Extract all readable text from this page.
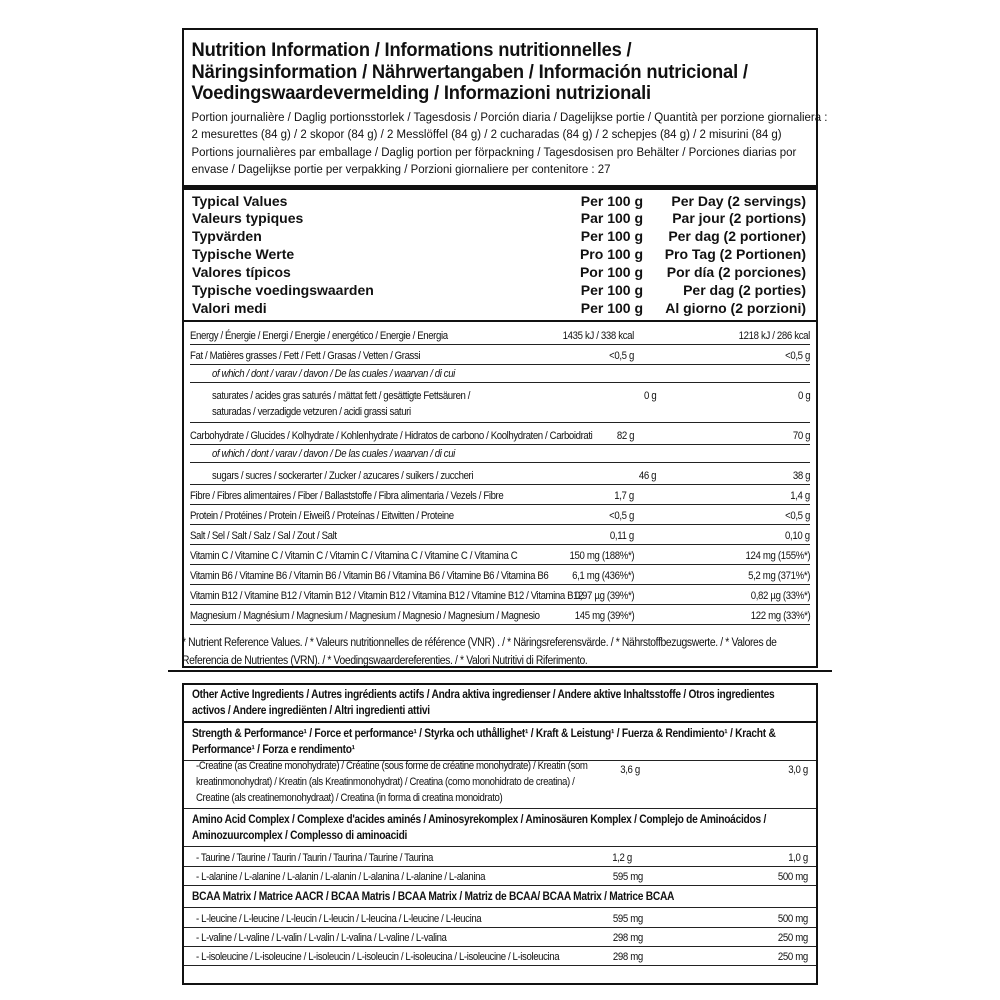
Nutrition Information / Informations nutritionnelles /
Näringsinformation / Nährwertangaben / Información nutricional /
Voedingswaardevermelding / Informazioni nutrizionali
Portion journalière / Daglig portionsstorlek / Tagesdosis / Porción diaria / Dagelijkse portie / Quantità per porzione giornaliera :
2 mesurettes (84 g) / 2 skopor (84 g) / 2 Messlöffel (84 g) / 2 cucharadas (84 g) / 2 schepjes (84 g) / 2 misurini (84 g)
Portions journalières par emballage / Daglig portion per förpackning / Tagesdosisen pro Behälter / Porciones diarias por
envase / Dagelijkse portie per verpakking / Porzioni giornaliere per contenitore : 27
Typical Values	Per 100 g	Per Day (2 servings)
Valeurs typiques	Par 100 g	Par jour (2 portions)
Typvärden	Per 100 g	Per dag (2 portioner)
Typische Werte	Pro 100 g	Pro Tag (2 Portionen)
Valores típicos	Por 100 g	Por día (2 porciones)
Typische voedingswaarden	Per 100 g	Per dag (2 porties)
Valori medi	Per 100 g	Al giorno (2 porzioni)
Energy / Énergie / Energi / Energie / energético / Energie / Energia	1435 kJ / 338 kcal	1218 kJ / 286 kcal
Fat / Matières grasses / Fett / Fett / Grasas / Vetten / Grassi	<0,5 g	<0,5 g
of which / dont / varav / davon / De las cuales / waarvan / di cui
saturates / acides gras saturés / mättat fett / gesättigte Fettsäuren /
saturadas / verzadigde vetzuren / acidi grassi saturi
0 g	0 g
Carbohydrate / Glucides / Kolhydrate / Kohlenhydrate / Hidratos de carbono / Koolhydraten / Carboidrati	82 g	70 g
of which / dont / varav / davon / De las cuales / waarvan / di cui
sugars / sucres / sockerarter / Zucker / azucares / suikers / zuccheri	46 g	38 g
Fibre / Fibres alimentaires / Fiber / Ballaststoffe / Fibra alimentaria / Vezels / Fibre	1,7 g	1,4 g
Protein / Protéines / Protein / Eiweiß / Proteínas / Eitwitten / Proteine	<0,5 g	<0,5 g
Salt / Sel / Salt / Salz / Sal / Zout / Salt	0,11 g	0,10 g
Vitamin C / Vitamine C / Vitamin C / Vitamin C / Vitamina C / Vitamine C / Vitamina C	150 mg (188%*)	124 mg (155%*)
Vitamin B6 / Vitamine B6 / Vitamin B6 / Vitamin B6 / Vitamina B6 / Vitamine B6 / Vitamina B6	6,1 mg (436%*)	5,2 mg (371%*)
Vitamin B12 / Vitamine B12 / Vitamin B12 / Vitamin B12 / Vitamina B12 / Vitamine B12 / Vitamina B12
0,97 µg (39%*)	0,82 µg (33%*)
Magnesium / Magnésium / Magnesium / Magnesium / Magnesio / Magnesium / Magnesio	145 mg (39%*)	122 mg (33%*)
* Nutrient Reference Values. / * Valeurs nutritionnelles de référence (VNR) . / * Näringsreferensvärde. / * Nährstoffbezugswerte. / * Valores de Referencia de Nutrientes (VRN). / * Voedingswaardereferenties. / * Valori Nutritivi di Riferimento.
Other Active Ingredients / Autres ingrédients actifs / Andra aktiva ingredienser / Andere aktive Inhaltsstoffe / Otros ingredientes activos / Andere ingrediënten / Altri ingredienti attivi
Strength & Performance¹ / Force et performance¹ / Styrka och uthållighet¹ / Kraft & Leistung¹ / Fuerza & Rendimiento¹ / Kracht & Performance¹ / Forza e rendimento¹
-Creatine (as Creatine monohydrate) / Créatine (sous forme de créatine monohydrate) / Kreatin (som kreatinmonohydrat) / Kreatin (als Kreatinmonohydrat) / Creatina (como monohidrato de creatina) / Creatine (als creatinemonohydraat) / Creatina (in forma di creatina monoidrato)
3,6 g	3,0 g
Amino Acid Complex / Complexe d'acides aminés / Aminosyrekomplex / Aminosäuren Komplex / Complejo de Aminoácidos / Aminozuurcomplex / Complesso di aminoacidi
- Taurine / Taurine / Taurin / Taurin / Taurina / Taurine / Taurina	1,2 g	1,0 g
- L-alanine / L-alanine / L-alanin / L-alanin / L-alanina / L-alanine / L-alanina	595 mg	500 mg
BCAA Matrix / Matrice AACR / BCAA Matris / BCAA Matrix / Matriz de BCAA/ BCAA Matrix / Matrice BCAA
- L-leucine / L-leucine / L-leucin / L-leucin / L-leucina / L-leucine / L-leucina	595 mg	500 mg
- L-valine / L-valine / L-valin / L-valin / L-valina / L-valine / L-valina	298 mg	250 mg
- L-isoleucine / L-isoleucine / L-isoleucin / L-isoleucin / L-isoleucina / L-isoleucine / L-isoleucina	298 mg	250 mg
